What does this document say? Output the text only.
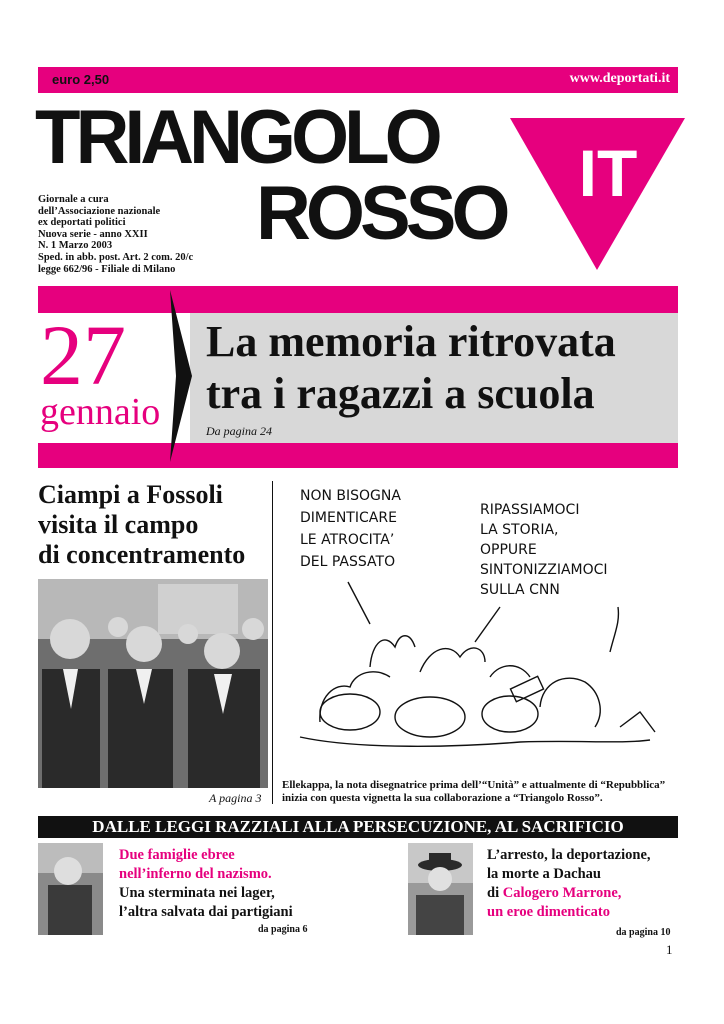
euro 2,50	www.deportati.it
TRIANGOLO
ROSSO IT
Giornale a cura
dell’Associazione nazionale
ex deportati politici
Nuova serie - anno XXII
N. 1 Marzo 2003
Sped. in abb. post. Art. 2 com. 20/c
legge 662/96 - Filiale di Milano
27
gennaio
La memoria ritrovata
tra i ragazzi a scuola
Da pagina 24
Ciampi a Fossoli
visita il campo
di concentramento
A pagina 3
NON BISOGNA
DIMENTICARE
LE ATROCITA’
DEL PASSATO
RIPASSIAMOCI
LA STORIA,
OPPURE
SINTONIZZIAMOCI
SULLA CNN
Ellekappa, la nota disegnatrice prima dell’“Unità” e attualmente di “Repubblica”
inizia con questa vignetta la sua collaborazione a “Triangolo Rosso”.
DALLE LEGGI RAZZIALI ALLA PERSECUZIONE, AL SACRIFICIO
Due famiglie ebree
nell’inferno del nazismo.
Una sterminata nei lager,
l’altra salvata dai partigiani
da pagina 6
L’arresto, la deportazione,
la morte a Dachau
di Calogero Marrone,
un eroe dimenticato
da pagina 10
1
